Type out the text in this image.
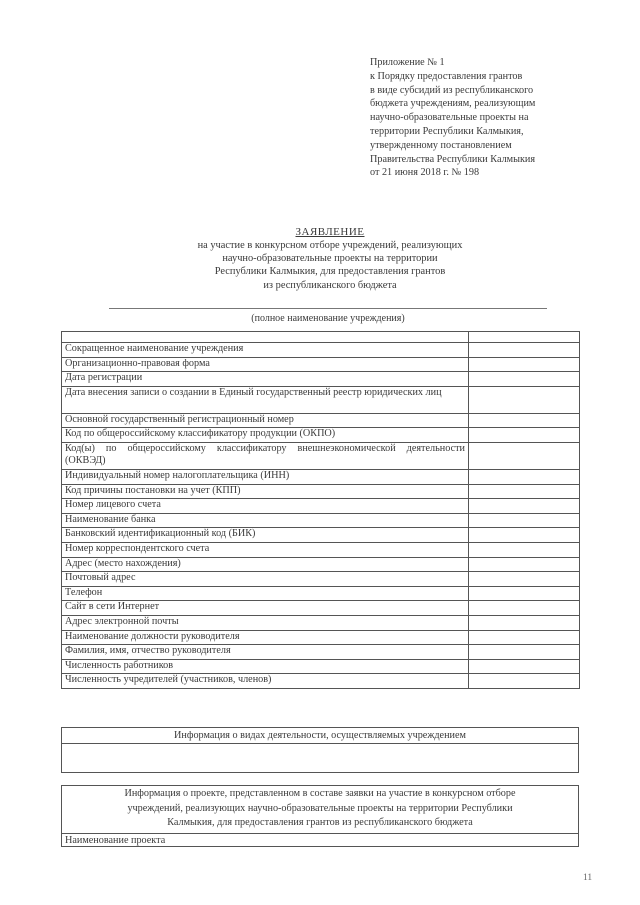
Приложение № 1
к Порядку предоставления грантов
в виде субсидий из республиканского
бюджета учреждениям, реализующим
научно-образовательные проекты на
территории Республики Калмыкия,
утвержденному постановлением
Правительства Республики Калмыкия
от 21 июня 2018 г. № 198
ЗАЯВЛЕНИЕ
на участие в конкурсном отборе учреждений, реализующих
научно-образовательные проекты на территории
Республики Калмыкия, для предоставления грантов
из республиканского бюджета
(полное наименование учреждения)

Сокращенное наименование учреждения	
Организационно-правовая форма	
Дата регистрации	
Дата внесения записи о создании в Единый государственный реестр юридических лиц	
Основной государственный регистрационный номер	
Код по общероссийскому классификатору продукции (ОКПО)	
Код(ы) по общероссийскому классификатору внешнеэкономической деятельности (ОКВЭД)	
Индивидуальный номер налогоплательщика (ИНН)	
Код причины постановки на учет (КПП)	
Номер лицевого счета	
Наименование банка	
Банковский идентификационный код (БИК)	
Номер корреспондентского счета	
Адрес (место нахождения)	
Почтовый адрес	
Телефон	
Сайт в сети Интернет	
Адрес электронной почты	
Наименование должности руководителя	
Фамилия, имя, отчество руководителя	
Численность работников	
Численность учредителей (участников, членов)	
Информация о видах деятельности, осуществляемых учреждением
Информация о проекте, представленном в составе заявки на участие в конкурсном отборе
учреждений, реализующих научно-образовательные проекты на территории Республики
Калмыкия, для предоставления грантов из республиканского бюджета
Наименование проекта
11
